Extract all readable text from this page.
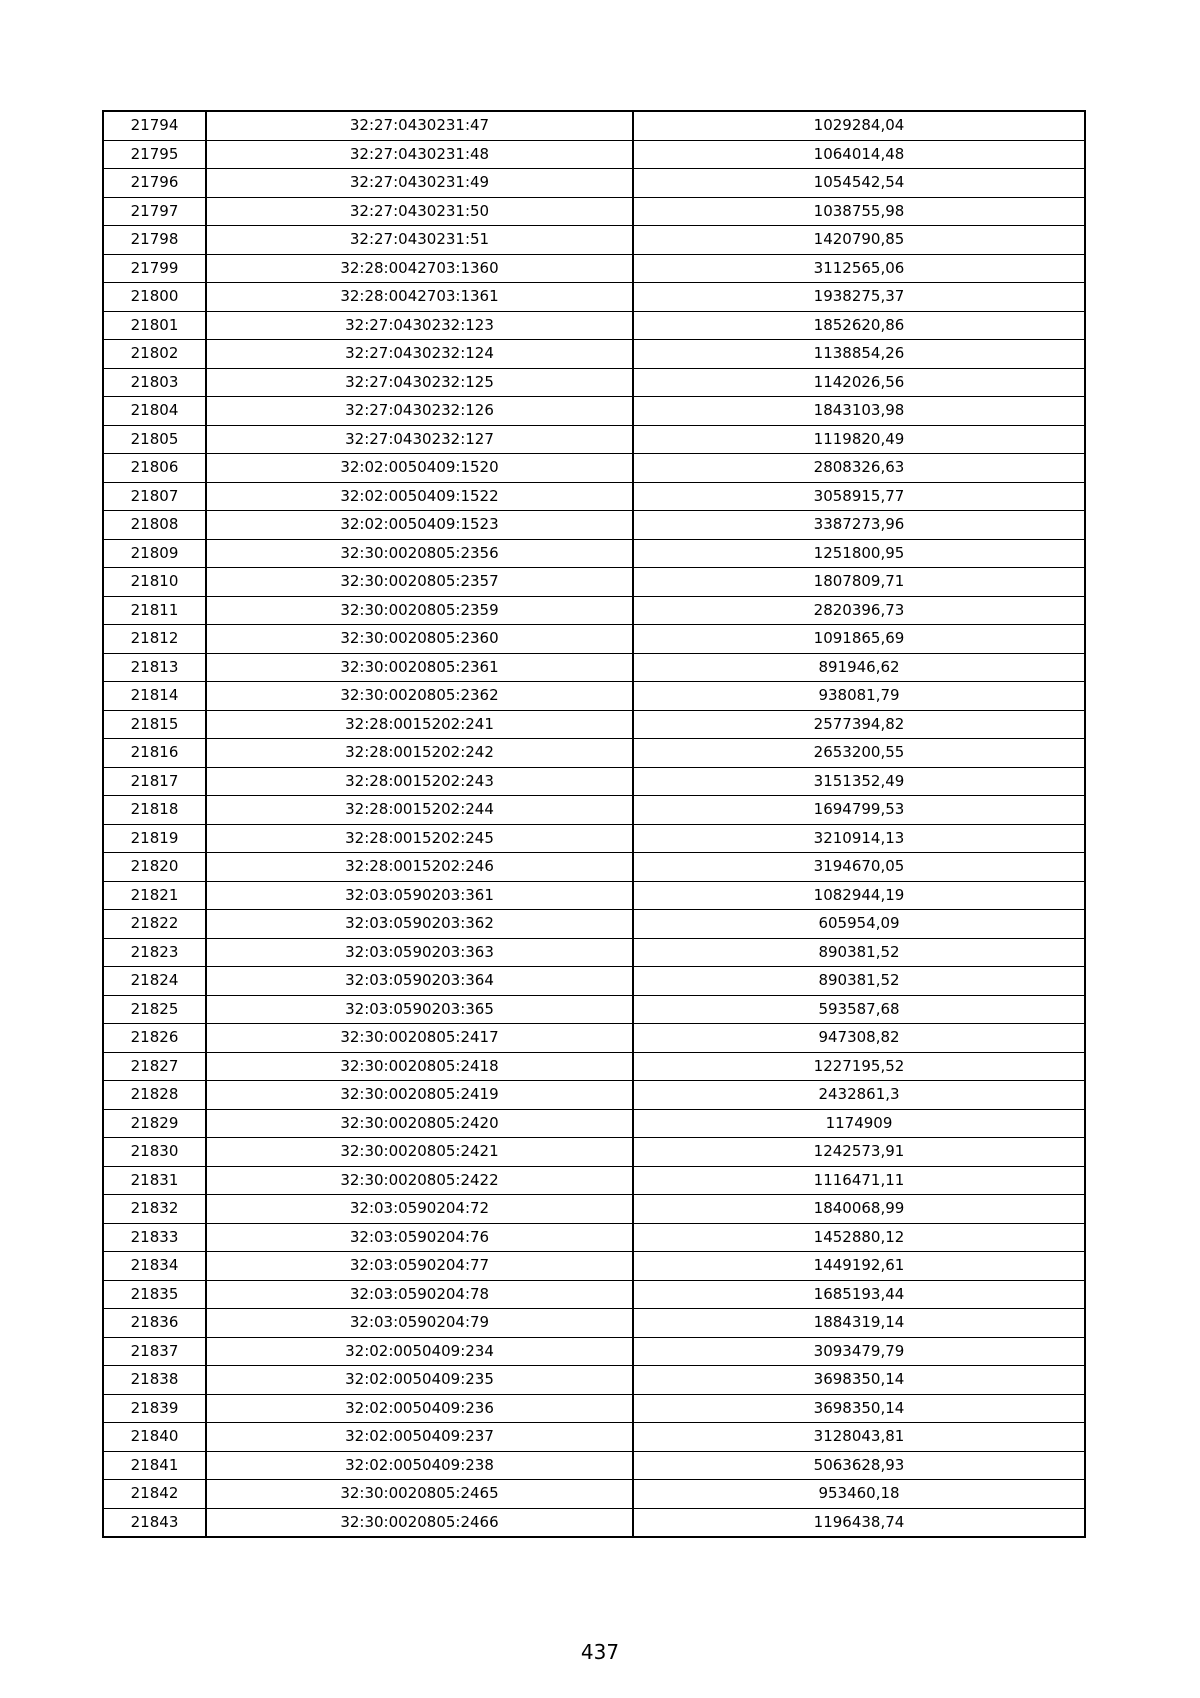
21794	32:27:0430231:47	1029284,04
21795	32:27:0430231:48	1064014,48
21796	32:27:0430231:49	1054542,54
21797	32:27:0430231:50	1038755,98
21798	32:27:0430231:51	1420790,85
21799	32:28:0042703:1360	3112565,06
21800	32:28:0042703:1361	1938275,37
21801	32:27:0430232:123	1852620,86
21802	32:27:0430232:124	1138854,26
21803	32:27:0430232:125	1142026,56
21804	32:27:0430232:126	1843103,98
21805	32:27:0430232:127	1119820,49
21806	32:02:0050409:1520	2808326,63
21807	32:02:0050409:1522	3058915,77
21808	32:02:0050409:1523	3387273,96
21809	32:30:0020805:2356	1251800,95
21810	32:30:0020805:2357	1807809,71
21811	32:30:0020805:2359	2820396,73
21812	32:30:0020805:2360	1091865,69
21813	32:30:0020805:2361	891946,62
21814	32:30:0020805:2362	938081,79
21815	32:28:0015202:241	2577394,82
21816	32:28:0015202:242	2653200,55
21817	32:28:0015202:243	3151352,49
21818	32:28:0015202:244	1694799,53
21819	32:28:0015202:245	3210914,13
21820	32:28:0015202:246	3194670,05
21821	32:03:0590203:361	1082944,19
21822	32:03:0590203:362	605954,09
21823	32:03:0590203:363	890381,52
21824	32:03:0590203:364	890381,52
21825	32:03:0590203:365	593587,68
21826	32:30:0020805:2417	947308,82
21827	32:30:0020805:2418	1227195,52
21828	32:30:0020805:2419	2432861,3
21829	32:30:0020805:2420	1174909
21830	32:30:0020805:2421	1242573,91
21831	32:30:0020805:2422	1116471,11
21832	32:03:0590204:72	1840068,99
21833	32:03:0590204:76	1452880,12
21834	32:03:0590204:77	1449192,61
21835	32:03:0590204:78	1685193,44
21836	32:03:0590204:79	1884319,14
21837	32:02:0050409:234	3093479,79
21838	32:02:0050409:235	3698350,14
21839	32:02:0050409:236	3698350,14
21840	32:02:0050409:237	3128043,81
21841	32:02:0050409:238	5063628,93
21842	32:30:0020805:2465	953460,18
21843	32:30:0020805:2466	1196438,74
437
